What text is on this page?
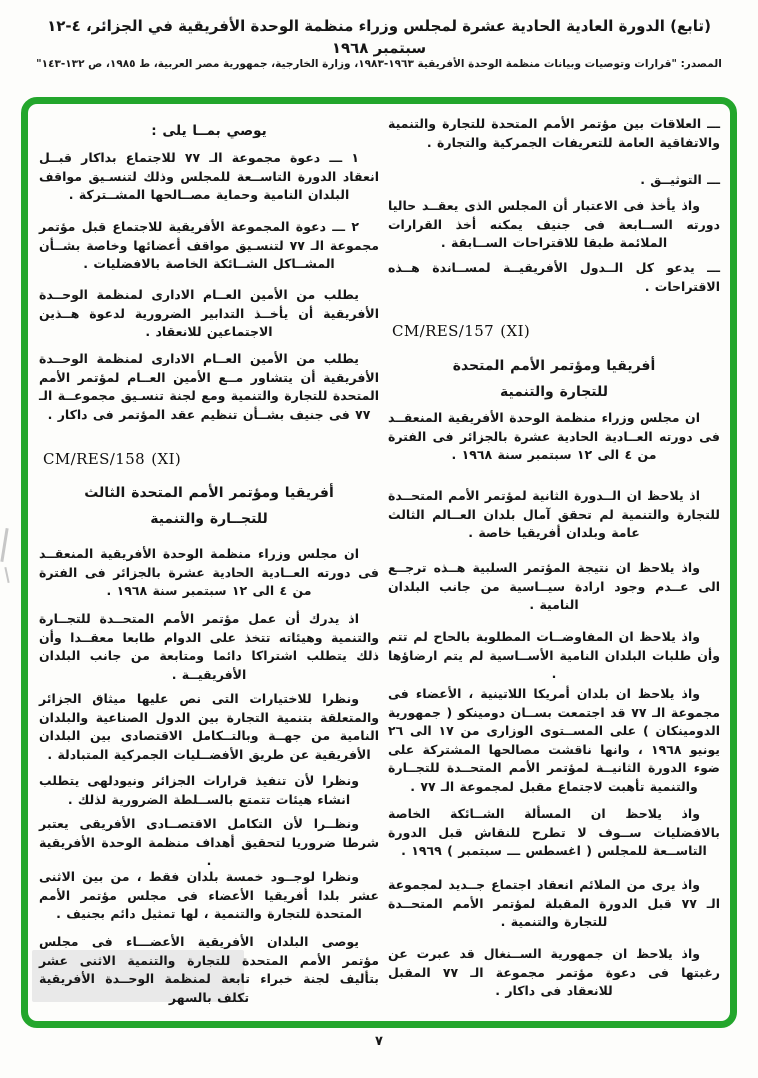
(تابع) الدورة العادية الحادية عشرة لمجلس وزراء منظمة الوحدة الأفريقية في الجزائر، ٤-١٢ سبتمبر ١٩٦٨
المصدر: "قرارات وتوصيات وبيانات منظمة الوحدة الأفريقية ١٩٦٣-١٩٨٣، وزارة الخارجية، جمهورية مصر العربية، ط ١٩٨٥، ص ١٣٢-١٤٣"
ـــ العلاقات بين مؤتمر الأمم المتحدة للتجارة والتنمية والاتفاقية العامة للتعريفات الجمركية والتجارة .
ـــ التوثيــق .
واذ يأخذ فى الاعتبار أن المجلس الذى يعقــد حاليا دورته الســابعة فى جنيف يمكنه أخذ القرارات الملائمة طبقا للاقتراحات الســابقة .
ـــ يدعو كل الــدول الأفريقيــة لمســاندة هــذه الاقتراحات .
CM/RES/157 (XI)
أفريقيا ومؤتمر الأمم المتحدة
للتجارة والتنمية
ان مجلس وزراء منظمة الوحدة الأفريقية المنعقــد فى دورته العــادية الحادية عشرة بالجزائر فى الفترة من ٤ الى ١٢ سبتمبر سنة ١٩٦٨ .
اذ يلاحظ ان الــدورة الثانية لمؤتمر الأمم المتحــدة للتجارة والتنمية لم تحقق آمال بلدان العــالم الثالث عامة وبلدان أفريقيا خاصة .
واذ يلاحظ ان نتيجة المؤتمر السلبية هــذه ترجــع الى عــدم وجود ارادة سيــاسية من جانب البلدان النامية .
واذ يلاحظ ان المفاوضــات المطلوبة بالحاح لم تتم وأن طلبات البلدان النامية الأســاسية لم يتم ارضاؤها .
واذ يلاحظ ان بلدان أمريكا اللاتينية ، الأعضاء فى مجموعة الـ ٧٧ قد اجتمعت بســان دومينكو ( جمهورية الدومينكان ) على المســتوى الوزارى من ١٧ الى ٢٦ يونيو ١٩٦٨ ، وانها ناقشت مصالحها المشتركة على ضوء الدورة الثانيــة لمؤتمر الأمم المتحــدة للتجــارة والتنمية تأهبت لاجتماع مقبل لمجموعة الـ ٧٧ .
واذ يلاحظ ان المسألة الشــائكة الخاصة بالافضليات ســوف لا تطرح للنقاش قبل الدورة التاســعة للمجلس ( اغسطس ـــ سبتمبر ) ١٩٦٩ .
واذ يرى من الملائم انعقاد اجتماع جــديد لمجموعة الـ ٧٧ قبل الدورة المقبلة لمؤتمر الأمم المتحــدة للتجارة والتنمية .
واذ يلاحظ ان جمهورية الســنغال قد عبرت عن رغبتها فى دعوة مؤتمر مجموعة الـ ٧٧ المقبل للانعقاد فى داكار .
يوصي بمــا يلى :
١ ـــ دعوة مجموعة الـ ٧٧ للاجتماع بداكار قبــل انعقاد الدورة التاســعة للمجلس وذلك لتنسـيق مواقف البلدان النامية وحماية مصــالحها المشــتركة .
٢ ـــ دعوة المجموعة الأفريقية للاجتماع قبل مؤتمر مجموعة الـ ٧٧ لتنسـيق مواقف أعضائها وخاصة بشــأن المشــاكل الشــائكة الخاصة بالافضليات .
يطلب من الأمين العــام الادارى لمنظمة الوحــدة الأفريقية أن يأخــذ التدابير الضرورية لدعوة هــذين الاجتماعين للانعقاد .
يطلب من الأمين العــام الادارى لمنظمة الوحــدة الأفريقية أن يتشاور مــع الأمين العــام لمؤتمر الأمم المتحدة للتجارة والتنمية ومع لجنة تنسـيق مجموعــة الـ ٧٧ فى جنيف بشــأن تنظيم عقد المؤتمر فى داكار .
CM/RES/158 (XI)
أفريقيا ومؤتمر الأمم المتحدة الثالث
للتجــارة والتنمية
ان مجلس وزراء منظمة الوحدة الأفريقية المنعقــد فى دورته العــادية الحادية عشرة بالجزائر فى الفترة من ٤ الى ١٢ سبتمبر سنة ١٩٦٨ .
اذ يدرك أن عمل مؤتمر الأمم المتحــدة للتجــارة والتنمية وهيئاته تتخذ على الدوام طابعا معقــدا وأن ذلك يتطلب اشتراكا دائما ومتابعة من جانب البلدان الأفريقيــة .
ونظرا للاختيارات التى نص عليها ميثاق الجزائر والمتعلقة بتنمية التجارة بين الدول الصناعية والبلدان النامية من جهــة وبالتــكامل الاقتصادى بين البلدان الأفريقية عن طريق الأفضــليات الجمركية المتبادلة .
ونظرا لأن تنفيذ قرارات الجزائر ونيودلهى يتطلب انشاء هيئات تتمتع بالســلطة الضرورية لذلك .
ونظــرا لأن التكامل الاقتصــادى الأفريقى يعتبر شرطا ضروريا لتحقيق أهداف منظمة الوحدة الأفريقية .
ونظرا لوجــود خمسة بلدان فقط ، من بين الاثنى عشر بلدا أفريقيا الأعضاء فى مجلس مؤتمر الأمم المتحدة للتجارة والتنمية ، لها تمثيل دائم بجنيف .
يوصى البلدان الأفريقية الأعضـــاء فى مجلس مؤتمر الأمم المتحدة للتجارة والتنمية الاثنى عشر بتأليف لجنة خبراء تابعة لمنظمة الوحــدة الأفريقية تكلف بالسهر
٧
